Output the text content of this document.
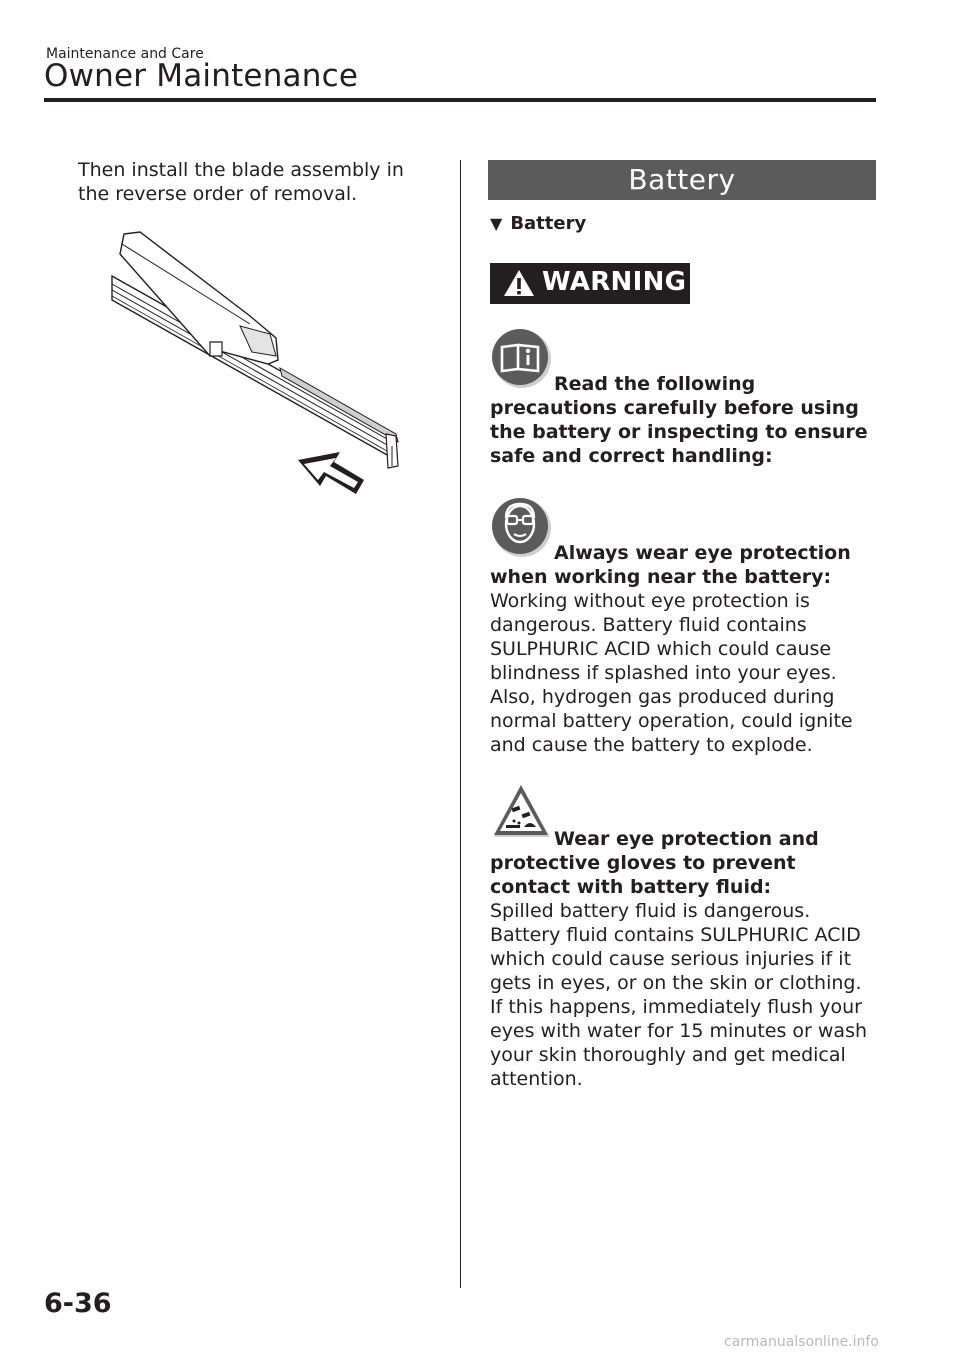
Maintenance and Care
Owner Maintenance
Then install the blade assembly in the reverse order of removal.	Battery
▼ Battery
WARNING
Read the following precautions carefully before using the battery or inspecting to ensure safe and correct handling:
Always wear eye protection when working near the battery:
Working without eye protection is dangerous. Battery fluid contains SULPHURIC ACID which could cause blindness if splashed into your eyes. Also, hydrogen gas produced during normal battery operation, could ignite and cause the battery to explode.
Wear eye protection and protective gloves to prevent contact with battery fluid:
Spilled battery fluid is dangerous. Battery fluid contains SULPHURIC ACID which could cause serious injuries if it gets in eyes, or on the skin or clothing. If this happens, immediately flush your eyes with water for 15 minutes or wash your skin thoroughly and get medical attention.
6-36
carmanualsonline.info
